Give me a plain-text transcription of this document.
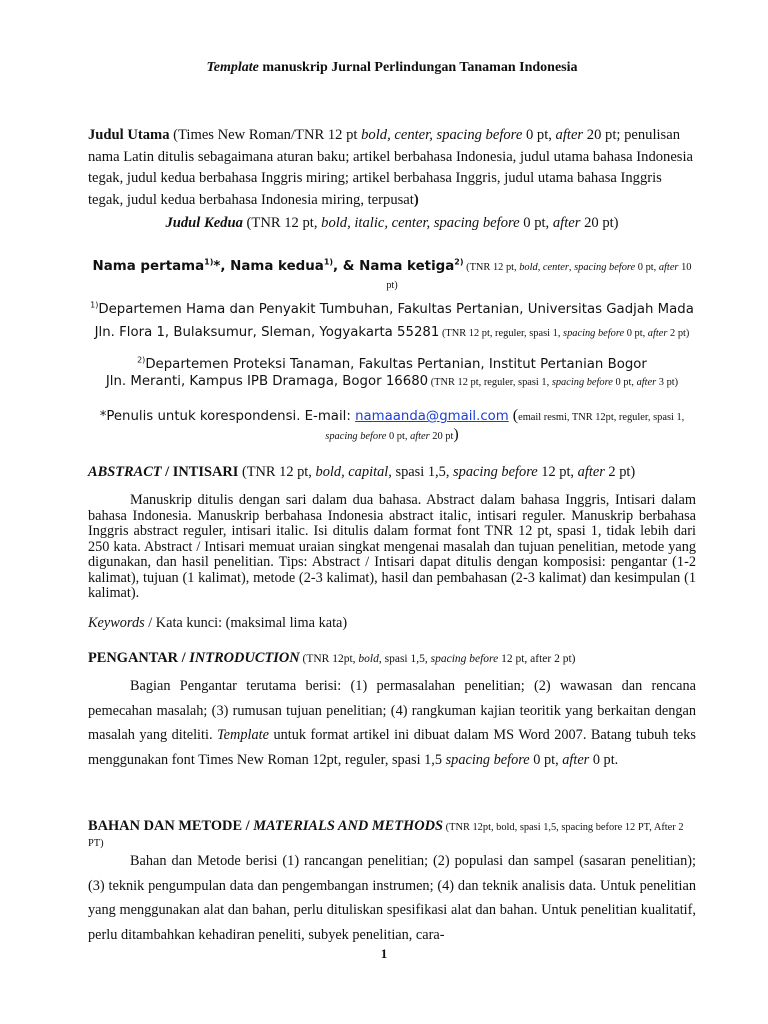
Template manuskrip Jurnal Perlindungan Tanaman Indonesia
Judul Utama (Times New Roman/TNR 12 pt bold, center, spacing before 0 pt, after 20 pt; penulisan nama Latin ditulis sebagaimana aturan baku; artikel berbahasa Indonesia, judul utama bahasa Indonesia tegak, judul kedua berbahasa Inggris miring; artikel berbahasa Inggris, judul utama bahasa Inggris tegak, judul kedua berbahasa Indonesia miring, terpusat)
Judul Kedua (TNR 12 pt, bold, italic, center, spacing before 0 pt, after 20 pt)
Nama pertama$^{1)}$*, Nama kedua$^{1)}$, & Nama ketiga$^{2)}$ (TNR 12 pt, bold, center, spacing before 0 pt, after 10 pt)
$^{1)}$Departemen Hama dan Penyakit Tumbuhan, Fakultas Pertanian, Universitas Gadjah Mada
Jln. Flora 1, Bulaksumur, Sleman, Yogyakarta 55281 (TNR 12 pt, reguler, spasi 1, spacing before 0 pt, after 2 pt)
$^{2)}$Departemen Proteksi Tanaman, Fakultas Pertanian, Institut Pertanian Bogor
Jln. Meranti, Kampus IPB Dramaga, Bogor 16680 (TNR 12 pt, reguler, spasi 1, spacing before 0 pt, after 3 pt)
*Penulis untuk korespondensi. E-mail: namaanda@gmail.com (email resmi, TNR 12pt, reguler, spasi 1, spacing before 0 pt, after 20 pt)
ABSTRACT / INTISARI (TNR 12 pt, bold, capital, spasi 1,5, spacing before 12 pt, after 2 pt)
Manuskrip ditulis dengan sari dalam dua bahasa. Abstract dalam bahasa Inggris, Intisari dalam bahasa Indonesia. Manuskrip berbahasa Indonesia abstract italic, intisari reguler. Manuskrip berbahasa Inggris abstract reguler, intisari italic. Isi ditulis dalam format font TNR 12 pt, spasi 1, tidak lebih dari 250 kata. Abstract / Intisari memuat uraian singkat mengenai masalah dan tujuan penelitian, metode yang digunakan, dan hasil penelitian. Tips: Abstract / Intisari dapat ditulis dengan komposisi: pengantar (1-2 kalimat), tujuan (1 kalimat), metode (2-3 kalimat), hasil dan pembahasan (2-3 kalimat) dan kesimpulan (1 kalimat).
Keywords / Kata kunci: (maksimal lima kata)
PENGANTAR / INTRODUCTION (TNR 12pt, bold, spasi 1,5, spacing before 12 pt, after 2 pt)
Bagian Pengantar terutama berisi: (1) permasalahan penelitian; (2) wawasan dan rencana pemecahan masalah; (3) rumusan tujuan penelitian; (4) rangkuman kajian teoritik yang berkaitan dengan masalah yang diteliti. Template untuk format artikel ini dibuat dalam MS Word 2007. Batang tubuh teks menggunakan font Times New Roman 12pt, reguler, spasi 1,5 spacing before 0 pt, after 0 pt.
BAHAN DAN METODE / MATERIALS AND METHODS (TNR 12pt, bold, spasi 1,5, spacing before 12 PT, After 2 PT)
Bahan dan Metode berisi (1) rancangan penelitian; (2) populasi dan sampel (sasaran penelitian); (3) teknik pengumpulan data dan pengembangan instrumen; (4) dan teknik analisis data. Untuk penelitian yang menggunakan alat dan bahan, perlu dituliskan spesifikasi alat dan bahan. Untuk penelitian kualitatif, perlu ditambahkan kehadiran peneliti, subyek penelitian, cara-
1
